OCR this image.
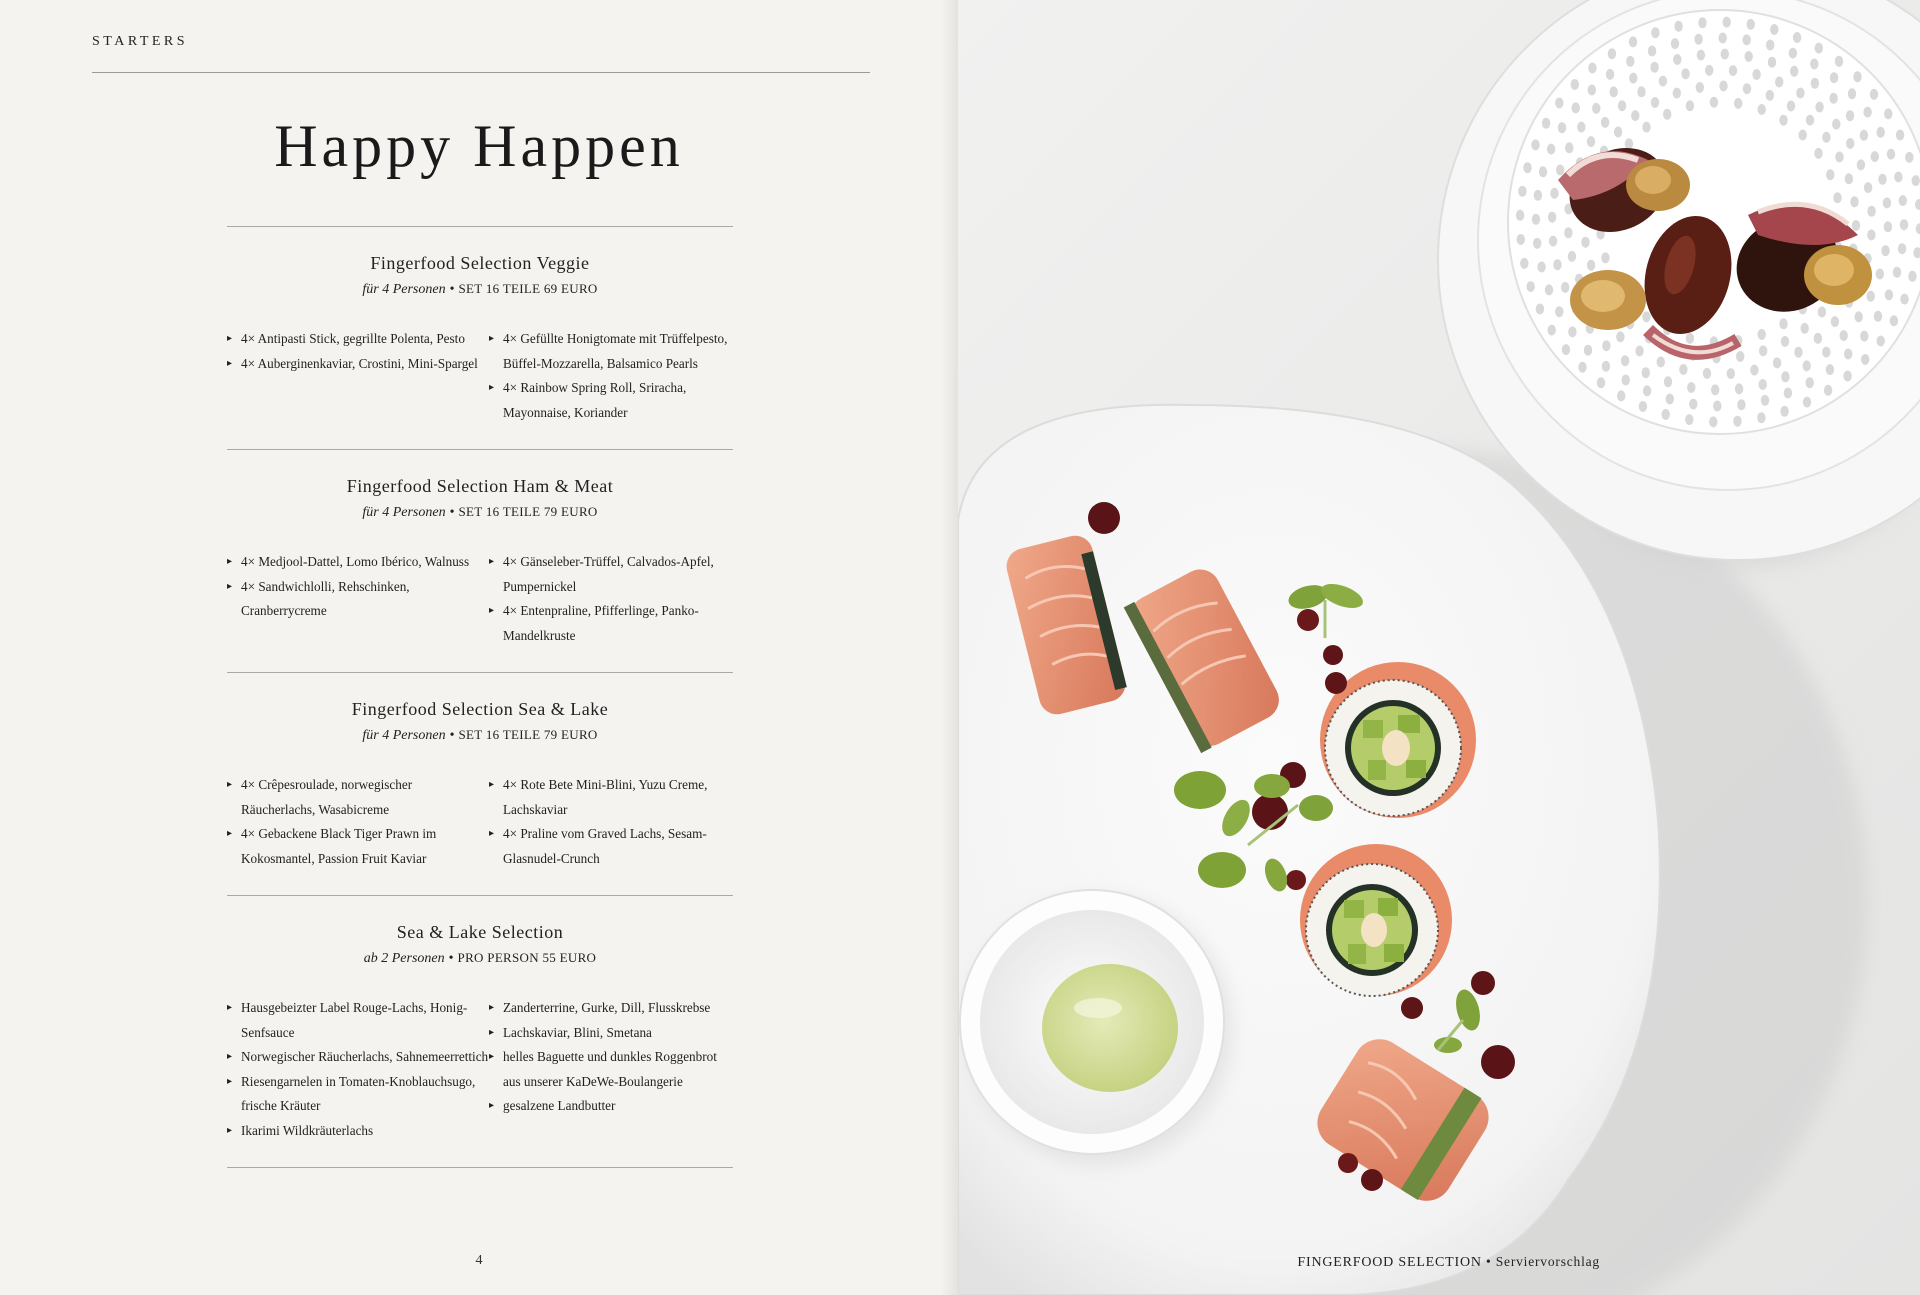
STARTERS
Happy Happen
Fingerfood Selection Veggie
für 4 Personen • SET 16 TEILE 69 EURO
▸ 4× Antipasti Stick, gegrillte Polenta, Pesto
▸ 4× Auberginenkaviar, Crostini, Mini-Spargel
▸ 4× Gefüllte Honigtomate mit Trüffelpesto, Büffel-Mozzarella, Balsamico Pearls
▸ 4× Rainbow Spring Roll, Sriracha, Mayonnaise, Koriander
Fingerfood Selection Ham & Meat
für 4 Personen • SET 16 TEILE 79 EURO
▸ 4× Medjool-Dattel, Lomo Ibérico, Walnuss
▸ 4× Sandwichlolli, Rehschinken, Cranberrycreme
▸ 4× Gänseleber-Trüffel, Calvados-Apfel, Pumpernickel
▸ 4× Entenpraline, Pfifferlinge, Panko-Mandelkruste
Fingerfood Selection Sea & Lake
für 4 Personen • SET 16 TEILE 79 EURO
▸ 4× Crêpesroulade, norwegischer Räucherlachs, Wasabicreme
▸ 4× Gebackene Black Tiger Prawn im Kokosmantel, Passion Fruit Kaviar
▸ 4× Rote Bete Mini-Blini, Yuzu Creme, Lachskaviar
▸ 4× Praline vom Graved Lachs, Sesam-Glasnudel-Crunch
Sea & Lake Selection
ab 2 Personen • PRO PERSON 55 EURO
▸ Hausgebeizter Label Rouge-Lachs, Honig-Senfsauce
▸ Norwegischer Räucherlachs, Sahnemeerrettich
▸ Riesengarnelen in Tomaten-Knoblauchsugo, frische Kräuter
▸ Ikarimi Wildkräuterlachs
▸ Zanderterrine, Gurke, Dill, Flusskrebse
▸ Lachskaviar, Blini, Smetana
▸ helles Baguette und dunkles Roggenbrot aus unserer KaDeWe-Boulangerie
▸ gesalzene Landbutter
4	FINGERFOOD SELECTION • Serviervorschlag
